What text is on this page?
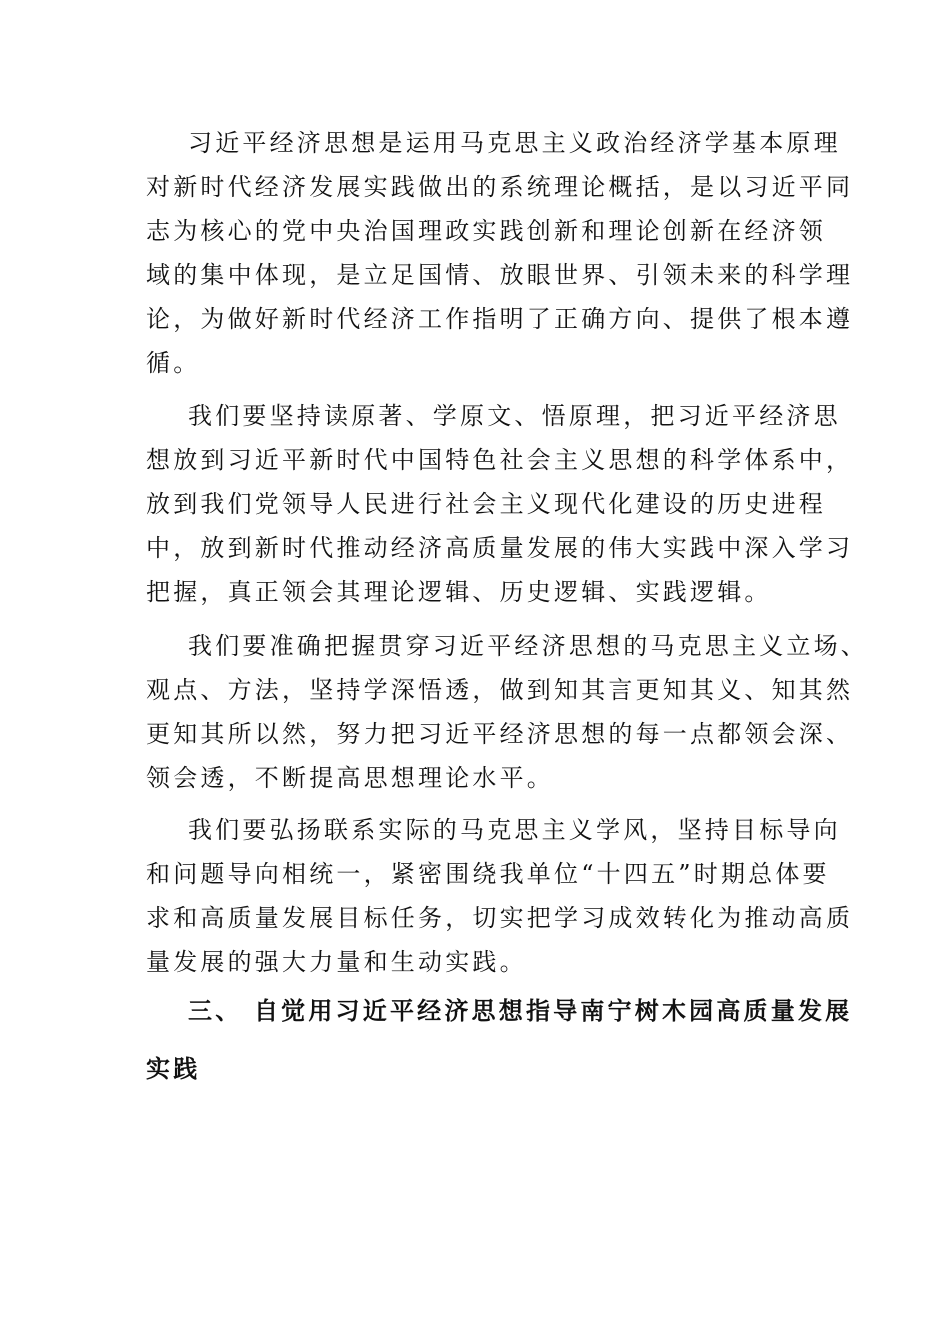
习近平经济思想是运用马克思主义政治经济学基本原理
对新时代经济发展实践做出的系统理论概括，是以习近平同
志为核心的党中央治国理政实践创新和理论创新在经济领
域的集中体现，是立足国情、放眼世界、引领未来的科学理
论，为做好新时代经济工作指明了正确方向、提供了根本遵
循。
我们要坚持读原著、学原文、悟原理，把习近平经济思
想放到习近平新时代中国特色社会主义思想的科学体系中，
放到我们党领导人民进行社会主义现代化建设的历史进程
中，放到新时代推动经济高质量发展的伟大实践中深入学习
把握，真正领会其理论逻辑、历史逻辑、实践逻辑。
我们要准确把握贯穿习近平经济思想的马克思主义立场、
观点、方法，坚持学深悟透，做到知其言更知其义、知其然
更知其所以然，努力把习近平经济思想的每一点都领会深、
领会透，不断提高思想理论水平。
我们要弘扬联系实际的马克思主义学风，坚持目标导向
和问题导向相统一，紧密围绕我单位“十四五”时期总体要
求和高质量发展目标任务，切实把学习成效转化为推动高质
量发展的强大力量和生动实践。
三、 自觉用习近平经济思想指导南宁树木园高质量发展
实践
